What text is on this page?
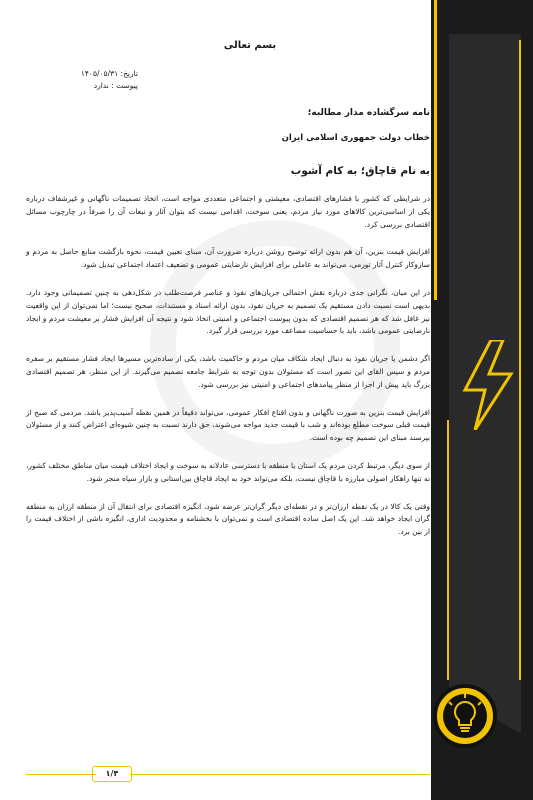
بسم تعالی
تاریخ: ۱۴۰۵/۰۵/۳۱
پیوست : ندارد
نامه سرگشاده مدار مطالبه؛
خطاب دولت جمهوری اسلامی ایران
به نام قاچاق؛ به کام آشوب

در شرایطی که کشور با فشارهای اقتصادی، معیشتی و اجتماعی متعددی مواجه است، اتخاذ تصمیمات ناگهانی و غیرشفاف درباره یکی از اساسی‌ترین کالاهای مورد نیاز مردم، یعنی سوخت، اقدامی نیست که بتوان آثار و تبعات آن را صرفاً در چارچوب مسائل اقتصادی بررسی کرد.

افزایش قیمت بنزین، آن هم بدون ارائه توضیح روشن درباره ضرورت آن، مبنای تعیین قیمت، نحوه بازگشت منابع حاصل به مردم و سازوکار کنترل آثار تورمی، می‌تواند به عاملی برای افزایش نارضایتی عمومی و تضعیف اعتماد اجتماعی تبدیل شود.

در این میان، نگرانی جدی درباره نقش احتمالی جریان‌های نفوذ و عناصر فرصت‌طلب در شکل‌دهی به چنین تصمیماتی وجود دارد. بدیهی است نسبت دادن مستقیم یک تصمیم به جریان نفوذ، بدون ارائه اسناد و مستندات، صحیح نیست؛ اما نمی‌توان از این واقعیت نیز غافل شد که هر تصمیم اقتصادی که بدون پیوست اجتماعی و امنیتی اتخاذ شود و نتیجه آن افزایش فشار بر معیشت مردم و ایجاد نارضایتی عمومی باشد، باید با حساسیت مضاعف مورد بررسی قرار گیرد.

اگر دشمن یا جریان نفوذ به دنبال ایجاد شکاف میان مردم و حاکمیت باشد، یکی از ساده‌ترین مسیرها ایجاد فشار مستقیم بر سفره مردم و سپس القای این تصور است که مسئولان بدون توجه به شرایط جامعه تصمیم می‌گیرند. از این منظر، هر تصمیم اقتصادی بزرگ باید پیش از اجرا از منظر پیامدهای اجتماعی و امنیتی نیز بررسی شود.

افزایش قیمت بنزین به صورت ناگهانی و بدون اقناع افکار عمومی، می‌تواند دقیقاً در همین نقطه آسیب‌پذیر باشد. مردمی که صبح از قیمت قبلی سوخت مطلع بوده‌اند و شب با قیمت جدید مواجه می‌شوند، حق دارند نسبت به چنین شیوه‌ای اعتراض کنند و از مسئولان بپرسند مبنای این تصمیم چه بوده است.

از سوی دیگر، مرتبط کردن مردم یک استان یا منطقه با دسترسی عادلانه به سوخت و ایجاد اختلاف قیمت میان مناطق مختلف کشور، نه تنها راهکار اصولی مبارزه با قاچاق نیست، بلکه می‌تواند خود به ایجاد قاچاق بین‌استانی و بازار سیاه منجر شود.

وقتی یک کالا در یک نقطه ارزان‌تر و در نقطه‌ای دیگر گران‌تر عرضه شود، انگیزه اقتصادی برای انتقال آن از منطقه ارزان به منطقه گران ایجاد خواهد شد. این یک اصل ساده اقتصادی است و نمی‌توان با بخشنامه و محدودیت اداری، انگیزه ناشی از اختلاف قیمت را از بین برد.

۱/۴
